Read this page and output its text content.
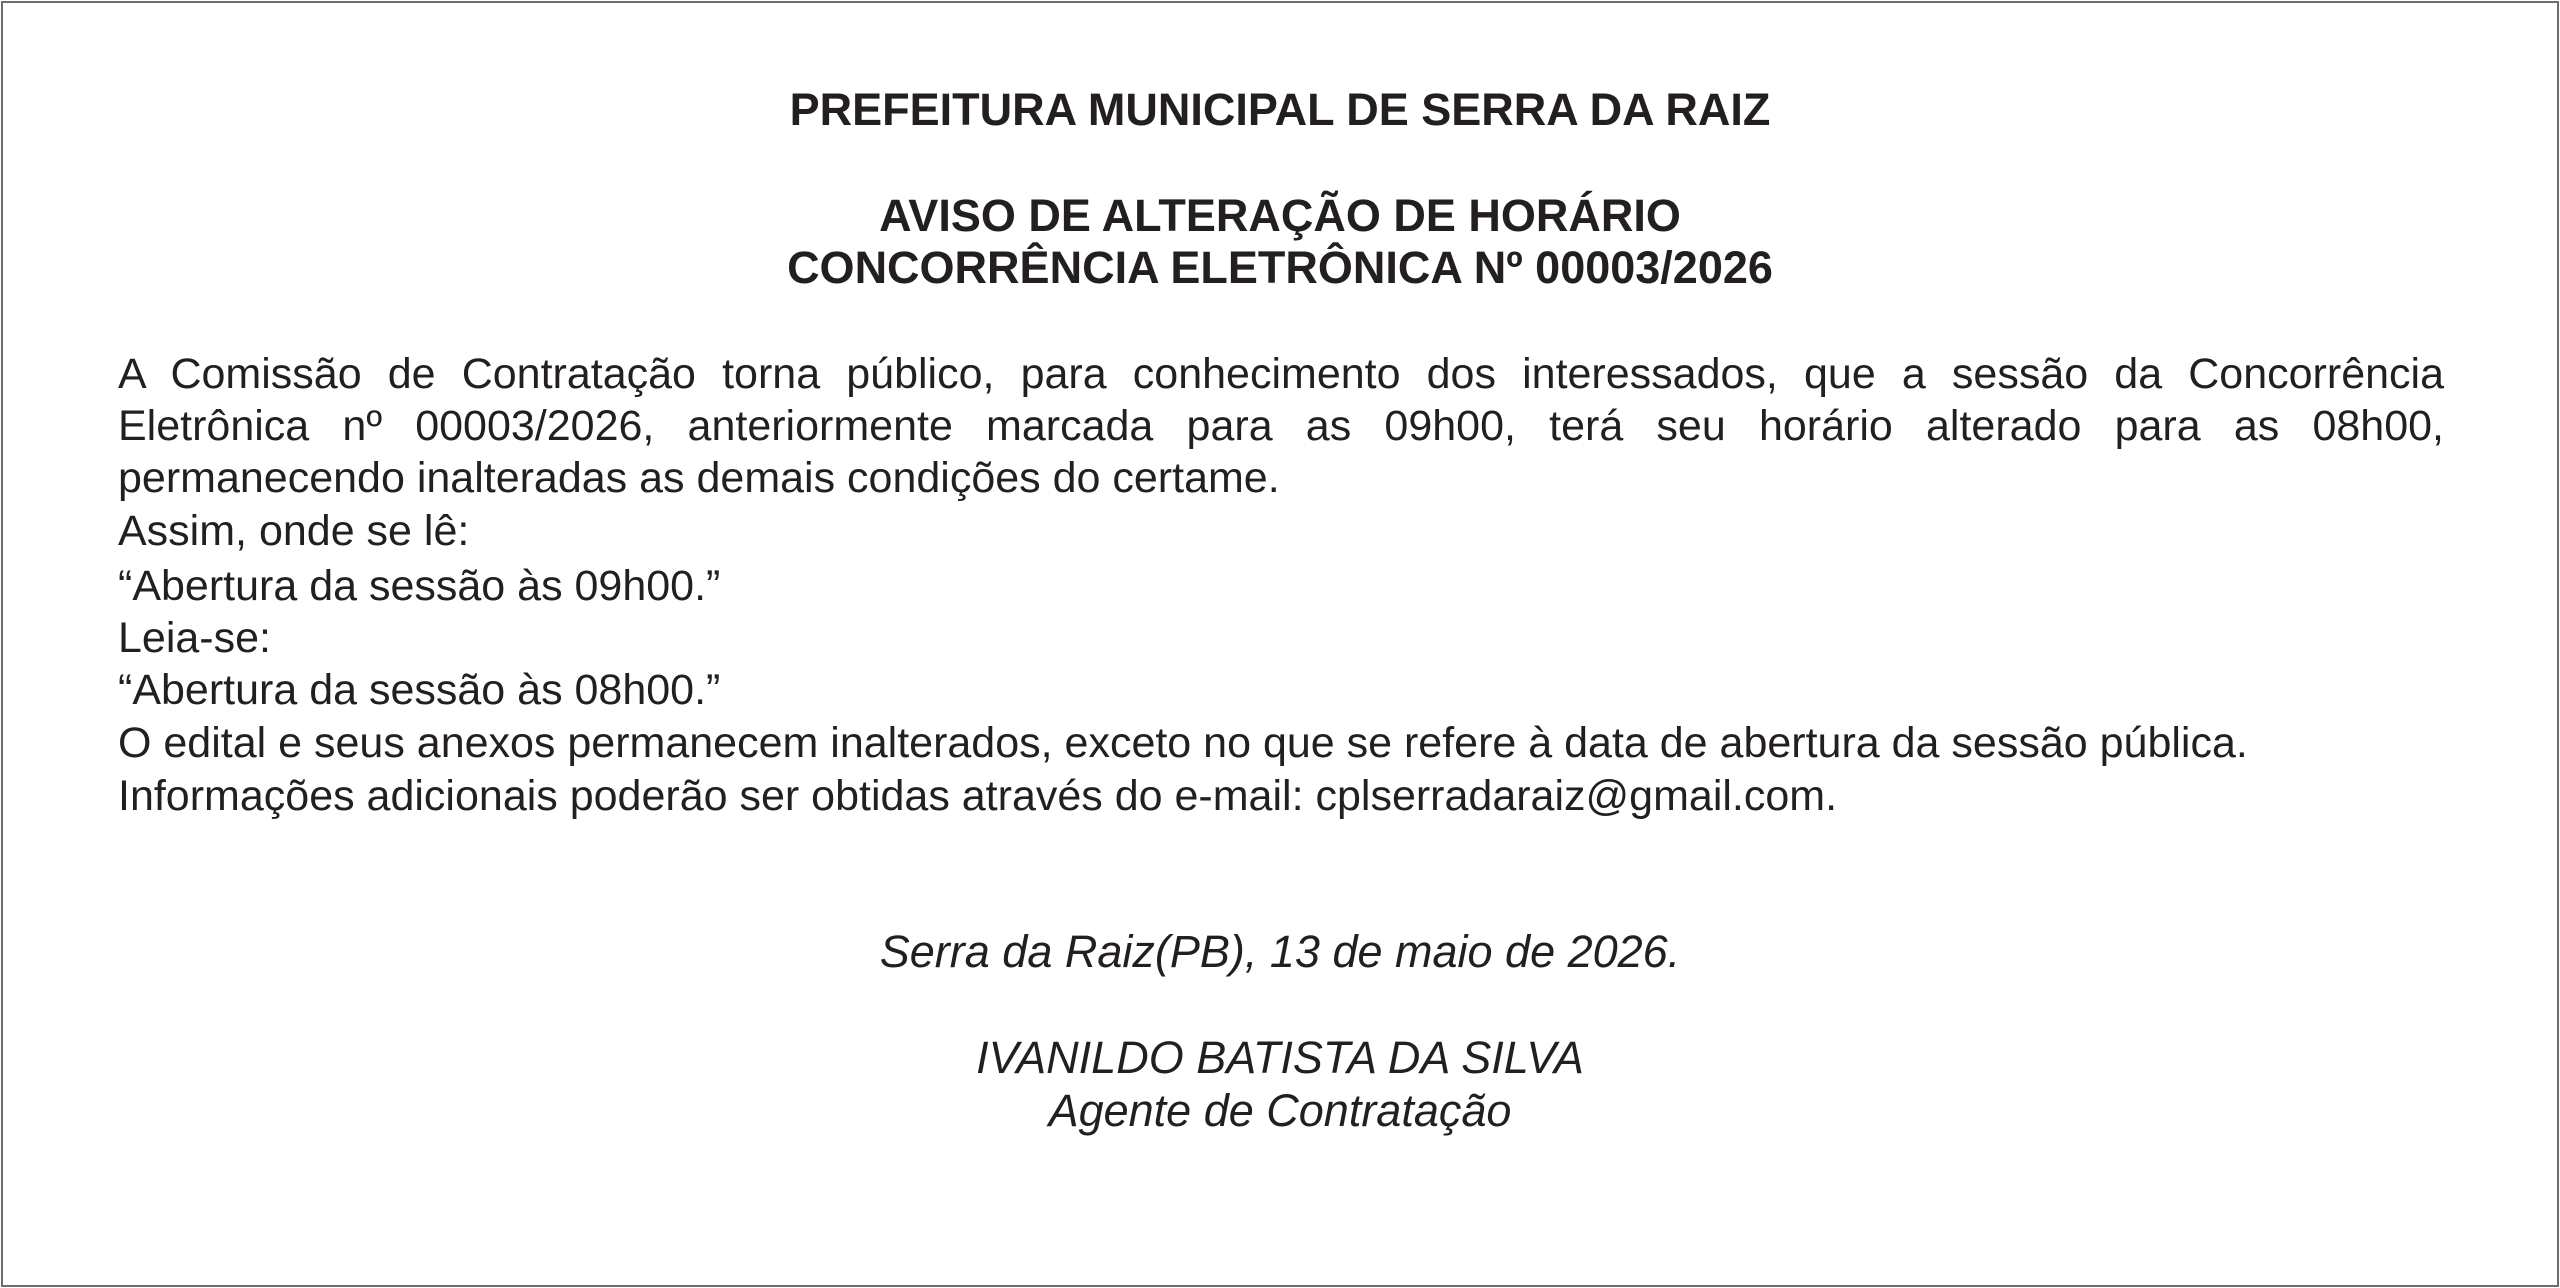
PREFEITURA MUNICIPAL DE SERRA DA RAIZ
AVISO DE ALTERAÇÃO DE HORÁRIO
CONCORRÊNCIA ELETRÔNICA Nº 00003/2026
A Comissão de Contratação torna público, para conhecimento dos interessados, que a sessão da Concorrência Eletrônica nº 00003/2026, anteriormente marcada para as 09h00, terá seu horário alterado para as 08h00, permanecendo inalteradas as demais condições do certame.
Assim, onde se lê:
“Abertura da sessão às 09h00.”
Leia-se:
“Abertura da sessão às 08h00.”
O edital e seus anexos permanecem inalterados, exceto no que se refere à data de abertura da sessão pública.
Informações adicionais poderão ser obtidas através do e-mail: cplserradaraiz@gmail.com.
Serra da Raiz(PB), 13 de maio de 2026.
IVANILDO BATISTA DA SILVA
Agente de Contratação
